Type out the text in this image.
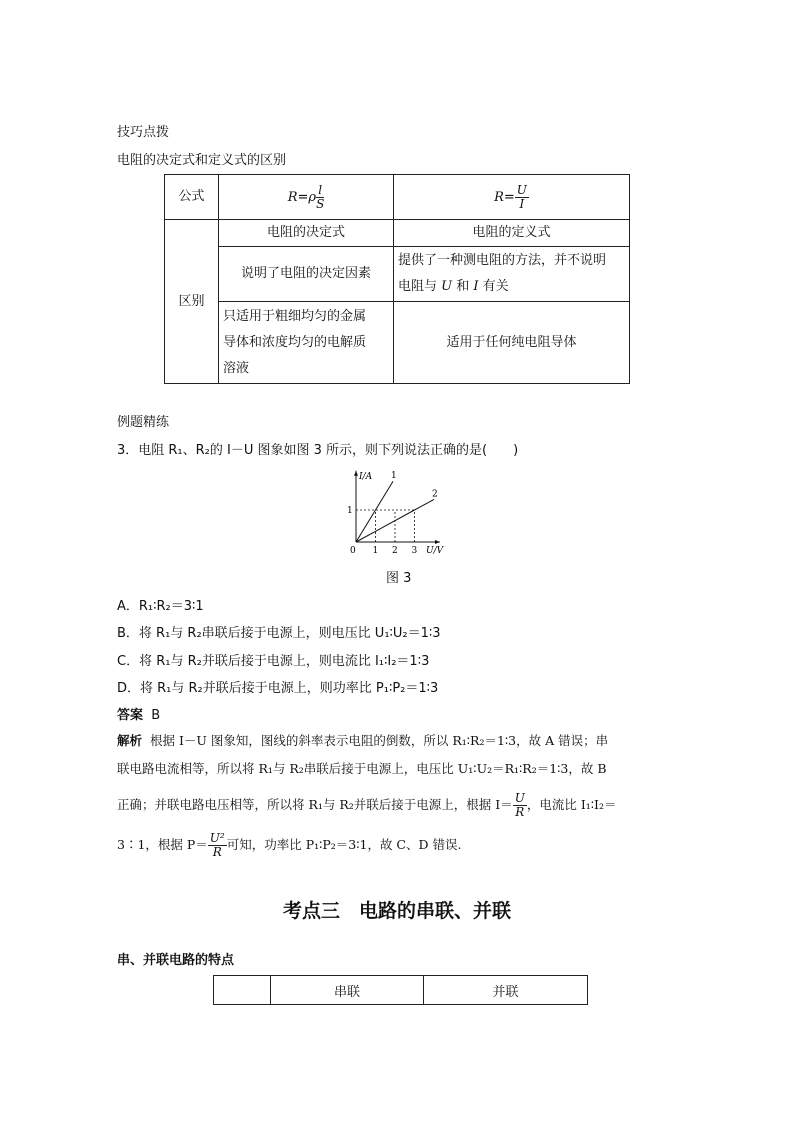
技巧点拨
电阻的决定式和定义式的区别
公式	$R=\rho \frac{l}{S}$	$R= \frac{U}{I}$

区别	电阻的决定式	电阻的定义式
	说明了电阻的决定因素	提供了一种测电阻的方法，并不说明
电阻与 U 和 I 有关

	只适用于粗细均匀的金属
导体和浓度均匀的电解质
溶液	适用于任何纯电阻导体
例题精练
3．电阻 R₁、R₂的 I－U 图象如图 3 所示，则下列说法正确的是(　　)
I/A
U/V
0 1 2 3
1
1
2
图 3
A．R₁∶R₂＝3∶1
B．将 R₁与 R₂串联后接于电源上，则电压比 U₁∶U₂＝1∶3
C．将 R₁与 R₂并联后接于电源上，则电流比 I₁∶I₂＝1∶3
D．将 R₁与 R₂并联后接于电源上，则功率比 P₁∶P₂＝1∶3
答案 B
解析 根据 I－U 图象知，图线的斜率表示电阻的倒数，所以 R₁∶R₂＝1∶3，故 A 错误；串
联电路电流相等，所以将 R₁与 R₂串联后接于电源上，电压比 U₁∶U₂＝R₁∶R₂＝1∶3，故 B
正确；并联电路电压相等，所以将 R₁与 R₂并联后接于电源上，根据 $I= \frac{U}{R}$ ，电流比 I₁∶I₂＝
3∶1，根据 $P= \frac{\text{U²}}{R}$ 可知，功率比 P₁∶P₂＝3∶1，故 C、D 错误.
考点三　电路的串联、并联
串、并联电路的特点
	串联	并联
